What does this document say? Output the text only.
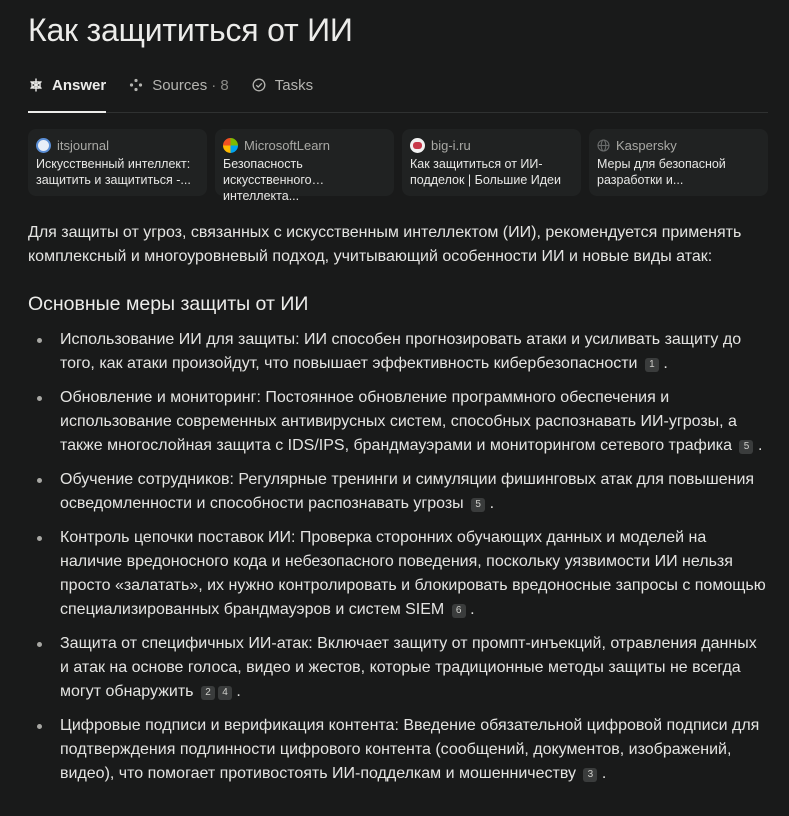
Как защититься от ИИ
Answer	Sources · 8	Tasks
itsjournal
Искусственный интеллект: защитить и защититься -...
MicrosoftLearn
Безопасность искусственного интеллекта...
big-i.ru
Как защититься от ИИ-подделок | Большие Идеи
Kaspersky
Меры для безопасной разработки и...

Для защиты от угроз, связанных с искусственным интеллектом (ИИ), рекомендуется применять комплексный и многоуровневый подход, учитывающий особенности ИИ и новые виды атак:

Основные меры защиты от ИИ
Использование ИИ для защиты: ИИ способен прогнозировать атаки и усиливать защиту до того, как атаки произойдут, что повышает эффективность кибербезопасности 1 .
Обновление и мониторинг: Постоянное обновление программного обеспечения и использование современных антивирусных систем, способных распознавать ИИ-угрозы, а также многослойная защита с IDS/IPS, брандмауэрами и мониторингом сетевого трафика 5 .
Обучение сотрудников: Регулярные тренинги и симуляции фишинговых атак для повышения осведомленности и способности распознавать угрозы 5 .
Контроль цепочки поставок ИИ: Проверка сторонних обучающих данных и моделей на наличие вредоносного кода и небезопасного поведения, поскольку уязвимости ИИ нельзя просто «залатать», их нужно контролировать и блокировать вредоносные запросы с помощью специализированных брандмауэров и систем SIEM 6 .
Защита от специфичных ИИ-атак: Включает защиту от промпт-инъекций, отравления данных и атак на основе голоса, видео и жестов, которые традиционные методы защиты не всегда могут обнаружить 2 4 .
Цифровые подписи и верификация контента: Введение обязательной цифровой подписи для подтверждения подлинности цифрового контента (сообщений, документов, изображений, видео), что помогает противостоять ИИ-подделкам и мошенничеству 3 .
